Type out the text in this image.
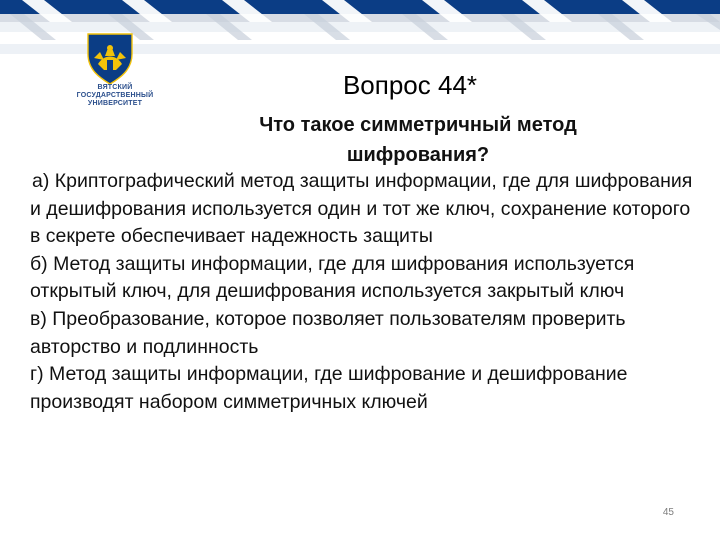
ВЯТСКИЙ
ГОСУДАРСТВЕННЫЙ
УНИВЕРСИТЕТ
Вопрос 44*
Что такое симметричный метод шифрования?

а) Криптографический метод защиты информации, где для шифрования и дешифрования используется один и тот же ключ, сохранение которого в секрете обеспечивает надежность защиты

б) Метод защиты информации, где для шифрования используется открытый ключ, для дешифрования используется закрытый ключ

в) Преобразование, которое позволяет пользователям проверить авторство и подлинность

г) Метод защиты информации, где шифрование и дешифрование производят набором симметричных ключей

45
